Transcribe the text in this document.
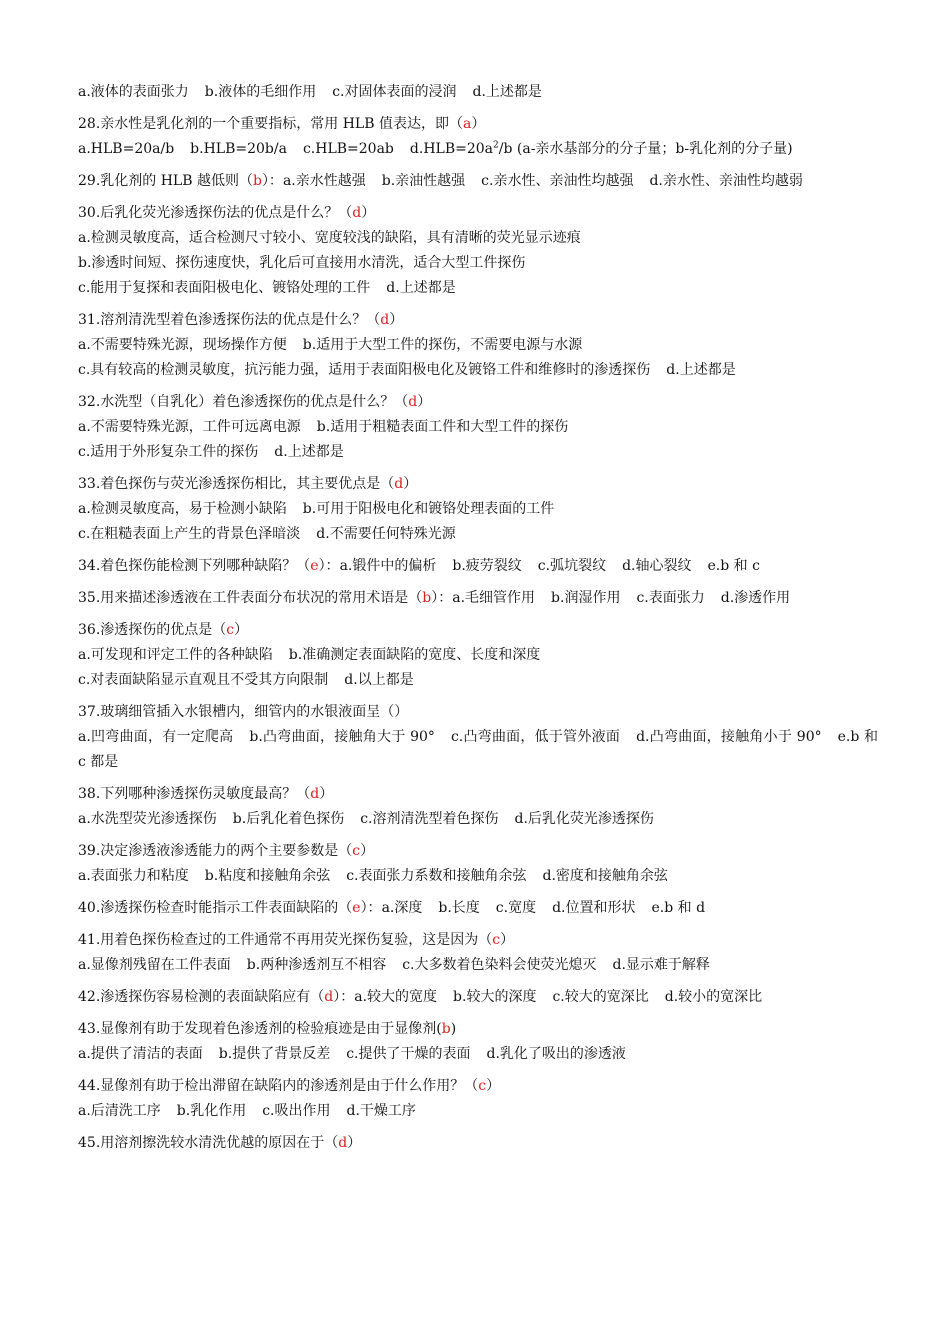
a.液体的表面张力 b.液体的毛细作用 c.对固体表面的浸润 d.上述都是
28.亲水性是乳化剂的一个重要指标，常用 HLB 值表达，即（a）
a.HLB=20a/b b.HLB=20b/a c.HLB=20ab $d.HLB=20a^2/b$ (a-亲水基部分的分子量；b-乳化剂的分子量)
29.乳化剂的 HLB 越低则（b）：a.亲水性越强 b.亲油性越强 c.亲水性、亲油性均越强 d.亲水性、亲油性均越弱
30.后乳化荧光渗透探伤法的优点是什么？（d）
a.检测灵敏度高，适合检测尺寸较小、宽度较浅的缺陷，具有清晰的荧光显示迹痕
b.渗透时间短、探伤速度快，乳化后可直接用水清洗，适合大型工件探伤
c.能用于复探和表面阳极电化、镀铬处理的工件 d.上述都是
31.溶剂清洗型着色渗透探伤法的优点是什么？（d）
a.不需要特殊光源，现场操作方便 b.适用于大型工件的探伤，不需要电源与水源
c.具有较高的检测灵敏度，抗污能力强，适用于表面阳极电化及镀铬工件和维修时的渗透探伤 d.上述都是
32.水洗型（自乳化）着色渗透探伤的优点是什么？（d）
a.不需要特殊光源，工件可远离电源 b.适用于粗糙表面工件和大型工件的探伤
c.适用于外形复杂工件的探伤 d.上述都是
33.着色探伤与荧光渗透探伤相比，其主要优点是（d）
a.检测灵敏度高，易于检测小缺陷 b.可用于阳极电化和镀铬处理表面的工件
c.在粗糙表面上产生的背景色泽暗淡 d.不需要任何特殊光源
34.着色探伤能检测下列哪种缺陷？（e）：a.锻件中的偏析 b.疲劳裂纹 c.弧坑裂纹 d.轴心裂纹 e.b 和 c
35.用来描述渗透液在工件表面分布状况的常用术语是（b）：a.毛细管作用 b.润湿作用 c.表面张力 d.渗透作用
36.渗透探伤的优点是（c）
a.可发现和评定工件的各种缺陷 b.准确测定表面缺陷的宽度、长度和深度
c.对表面缺陷显示直观且不受其方向限制 d.以上都是
37.玻璃细管插入水银槽内，细管内的水银液面呈（）
a.凹弯曲面，有一定爬高 b.凸弯曲面，接触角大于 90° c.凸弯曲面，低于管外液面 d.凸弯曲面，接触角小于 90° e.b 和 c 都是
38.下列哪种渗透探伤灵敏度最高？（d）
a.水洗型荧光渗透探伤 b.后乳化着色探伤 c.溶剂清洗型着色探伤 d.后乳化荧光渗透探伤
39.决定渗透液渗透能力的两个主要参数是（c）
a.表面张力和粘度 b.粘度和接触角余弦 c.表面张力系数和接触角余弦 d.密度和接触角余弦
40.渗透探伤检查时能指示工件表面缺陷的（e）：a.深度 b.长度 c.宽度 d.位置和形状 e.b 和 d
41.用着色探伤检查过的工件通常不再用荧光探伤复验，这是因为（c）
a.显像剂残留在工件表面 b.两种渗透剂互不相容 c.大多数着色染料会使荧光熄灭 d.显示难于解释
42.渗透探伤容易检测的表面缺陷应有（d）：a.较大的宽度 b.较大的深度 c.较大的宽深比 d.较小的宽深比
43.显像剂有助于发现着色渗透剂的检验痕迹是由于显像剂(b)
a.提供了清洁的表面 b.提供了背景反差 c.提供了干燥的表面 d.乳化了吸出的渗透液
44.显像剂有助于检出滞留在缺陷内的渗透剂是由于什么作用？（c）
a.后清洗工序 b.乳化作用 c.吸出作用 d.干燥工序
45.用溶剂擦洗较水清洗优越的原因在于（d）
